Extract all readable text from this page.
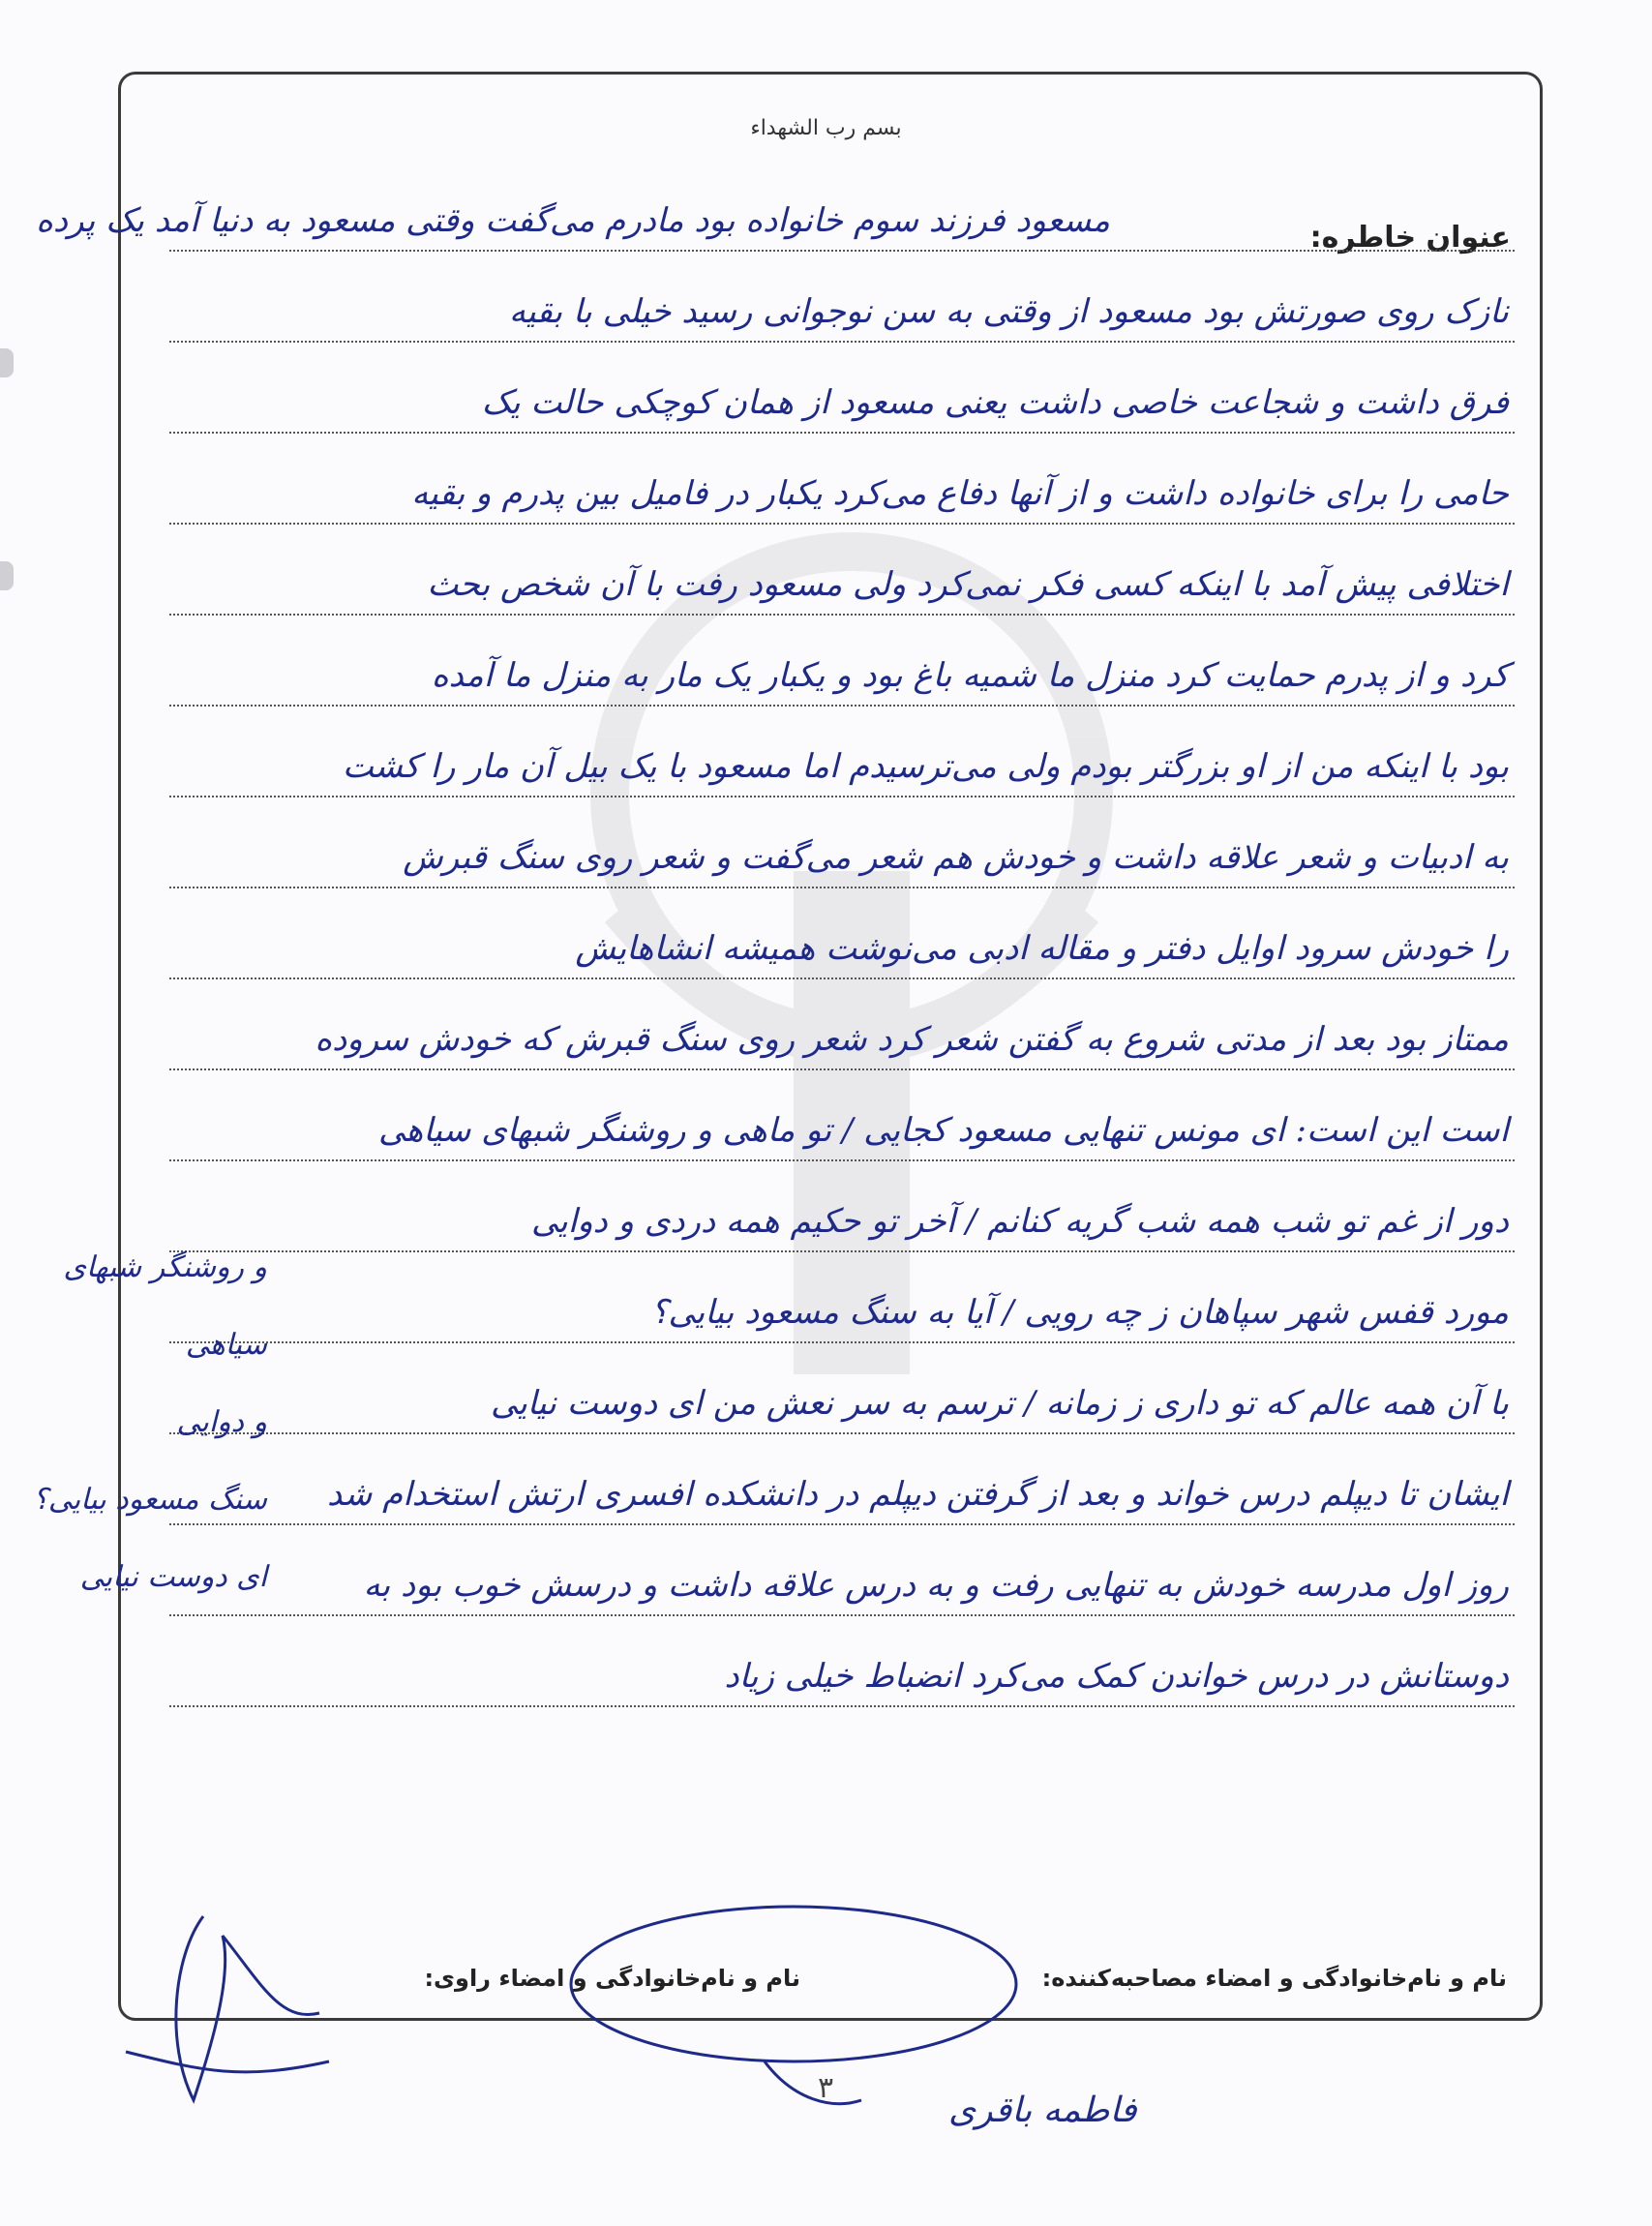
بسم رب الشهداء
عنوان خاطره:
مسعود فرزند سوم خانواده بود مادرم می‌گفت وقتی مسعود به دنیا آمد یک پرده
نازک روی صورتش بود مسعود از وقتی به سن نوجوانی رسید خیلی با بقیه
فرق داشت و شجاعت خاصی داشت یعنی مسعود از همان کوچکی حالت یک
حامی را برای خانواده داشت و از آنها دفاع می‌کرد یکبار در فامیل بین پدرم و بقیه
اختلافی پیش آمد با اینکه کسی فکر نمی‌کرد ولی مسعود رفت با آن شخص بحث
کرد و از پدرم حمایت کرد منزل ما شمیه باغ بود و یکبار یک مار به منزل ما آمده
بود با اینکه من از او بزرگتر بودم ولی می‌ترسیدم اما مسعود با یک بیل آن مار را کشت
به ادبیات و شعر علاقه داشت و خودش هم شعر می‌گفت و شعر روی سنگ قبرش
را خودش سرود اوایل دفتر و مقاله ادبی می‌نوشت همیشه انشاهایش
ممتاز بود بعد از مدتی شروع به گفتن شعر کرد شعر روی سنگ قبرش که خودش سروده
است این است: ای مونس تنهایی مسعود کجایی / تو ماهی و روشنگر شبهای سیاهی
دور از غم تو شب همه شب گریه کنانم / آخر تو حکیم همه دردی و دوایی
مورد قفس شهر سپاهان ز چه رویی / آیا به سنگ مسعود بیایی؟
با آن همه عالم که تو داری ز زمانه / ترسم به سر نعش من ای دوست نیایی
ایشان تا دیپلم درس خواند و بعد از گرفتن دیپلم در دانشکده افسری ارتش استخدام شد
روز اول مدرسه خودش به تنهایی رفت و به درس علاقه داشت و درسش خوب بود به
دوستانش در درس خواندن کمک می‌کرد انضباط خیلی زیاد
و روشنگر شبهای سیاهی
و دوایی
سنگ مسعود بیایی؟
ای دوست نیایی
نام و نام‌خانوادگی و امضاء مصاحبه‌کننده:
نام و نام‌خانوادگی و امضاء راوی:
۳
فاطمه باقری
